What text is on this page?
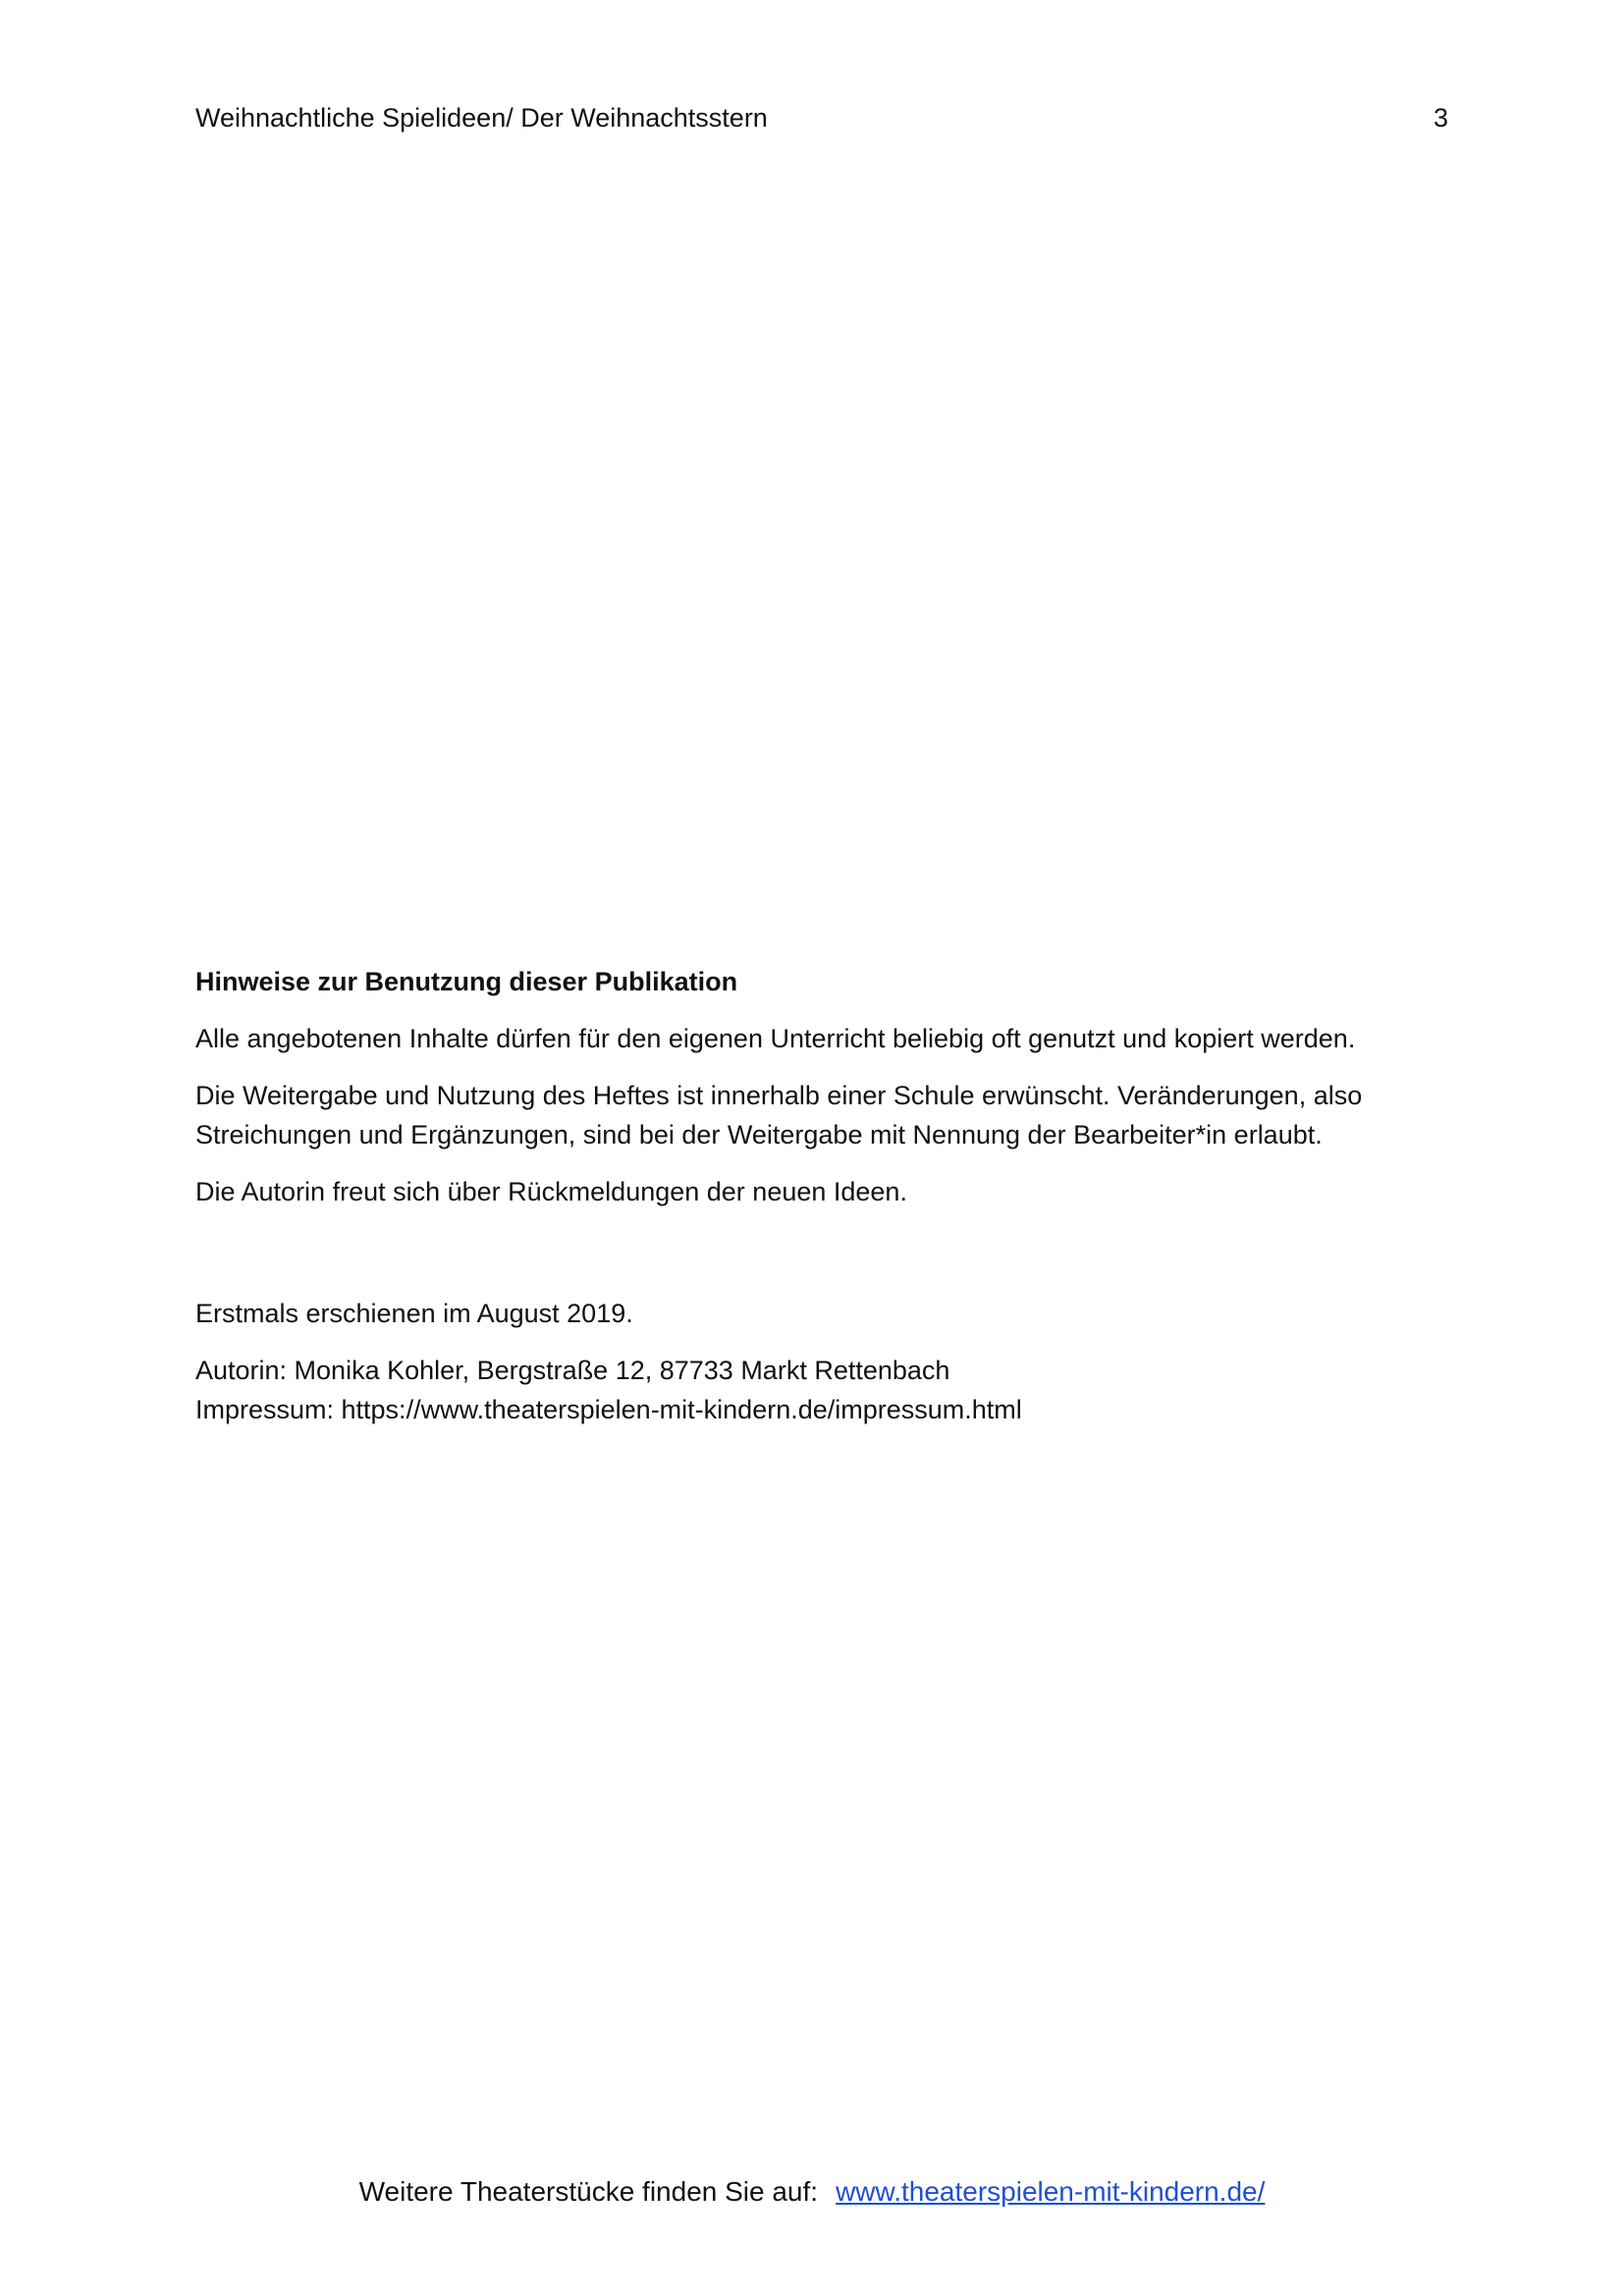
Weihnachtliche Spielideen/ Der Weihnachtsstern	3
Hinweise zur Benutzung dieser Publikation

Alle angebotenen Inhalte dürfen für den eigenen Unterricht beliebig oft genutzt und kopiert werden.

Die Weitergabe und Nutzung des Heftes ist innerhalb einer Schule erwünscht. Veränderungen, also
Streichungen und Ergänzungen, sind bei der Weitergabe mit Nennung der Bearbeiter*in erlaubt.

Die Autorin freut sich über Rückmeldungen der neuen Ideen.

Erstmals erschienen im August 2019.

Autorin: Monika Kohler, Bergstraße 12, 87733 Markt Rettenbach
Impressum: https://www.theaterspielen-mit-kindern.de/impressum.html

Weitere Theaterstücke finden Sie auf: www.theaterspielen-mit-kindern.de/
